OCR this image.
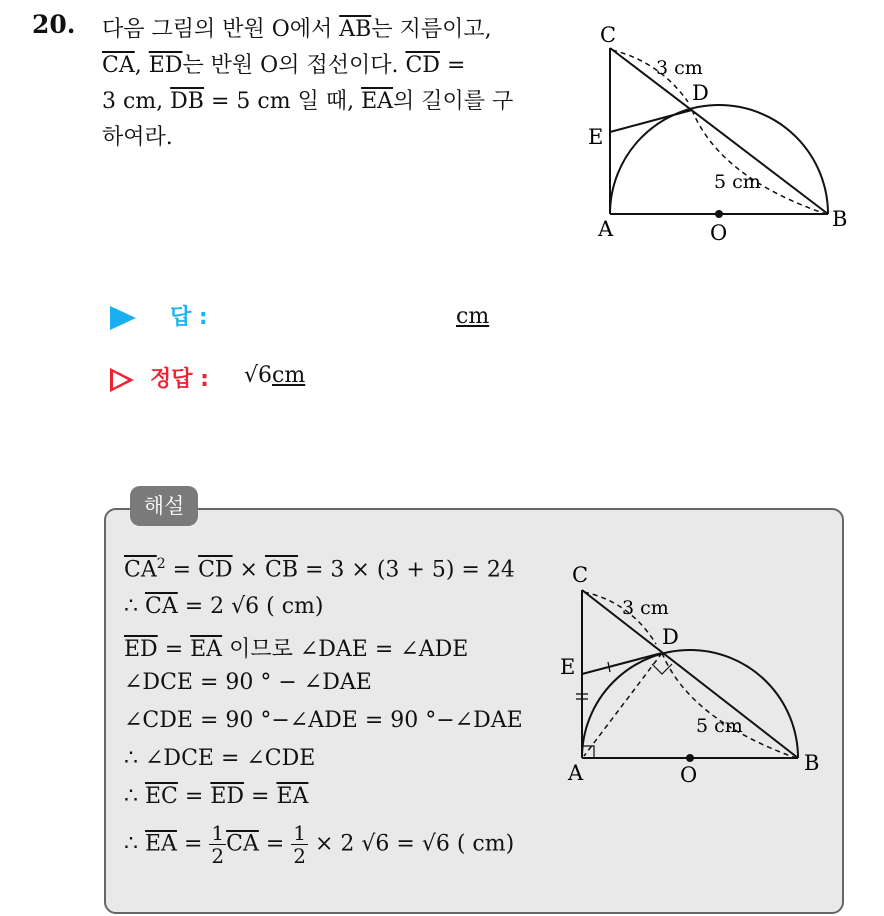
20. 다음 그림의 반원 O에서 $\overline{AB}$는 지름이고,
$\overline{CA}$, $\overline{ED}$는 반원 O의 접선이다. $\overline{CD}$ =
3 cm, $\overline{DB} = 5$ cm 일 때, $\overline{EA}$의 길이를 구
하여라.
C
D
E
A	O
B
3 cm
5 cm
답 :	cm
정답 : √6cm
해설
$\overline{CA}^2 = \overline{CD} \times \overline{CB} = 3 \times (3 + 5) = 24$
∴ $\overline{CA} = 2$ √6 ( cm)
$\overline{ED} = \overline{EA}$ 이므로 ∠DAE = ∠ADE
∠DCE = 90 ° − ∠DAE
∠CDE = 90 °−∠ADE = 90 °−∠DAE
∴ ∠DCE = ∠CDE
∴ $\overline{EC} = \overline{ED} = \overline{EA}$
∴ $\overline{EA} = \frac{1}{2} \overline{CA} = \frac{1}{2} \times 2$ √6 = √6 ( cm)
C
D
E
A	O	B
3 cm
5 cm
